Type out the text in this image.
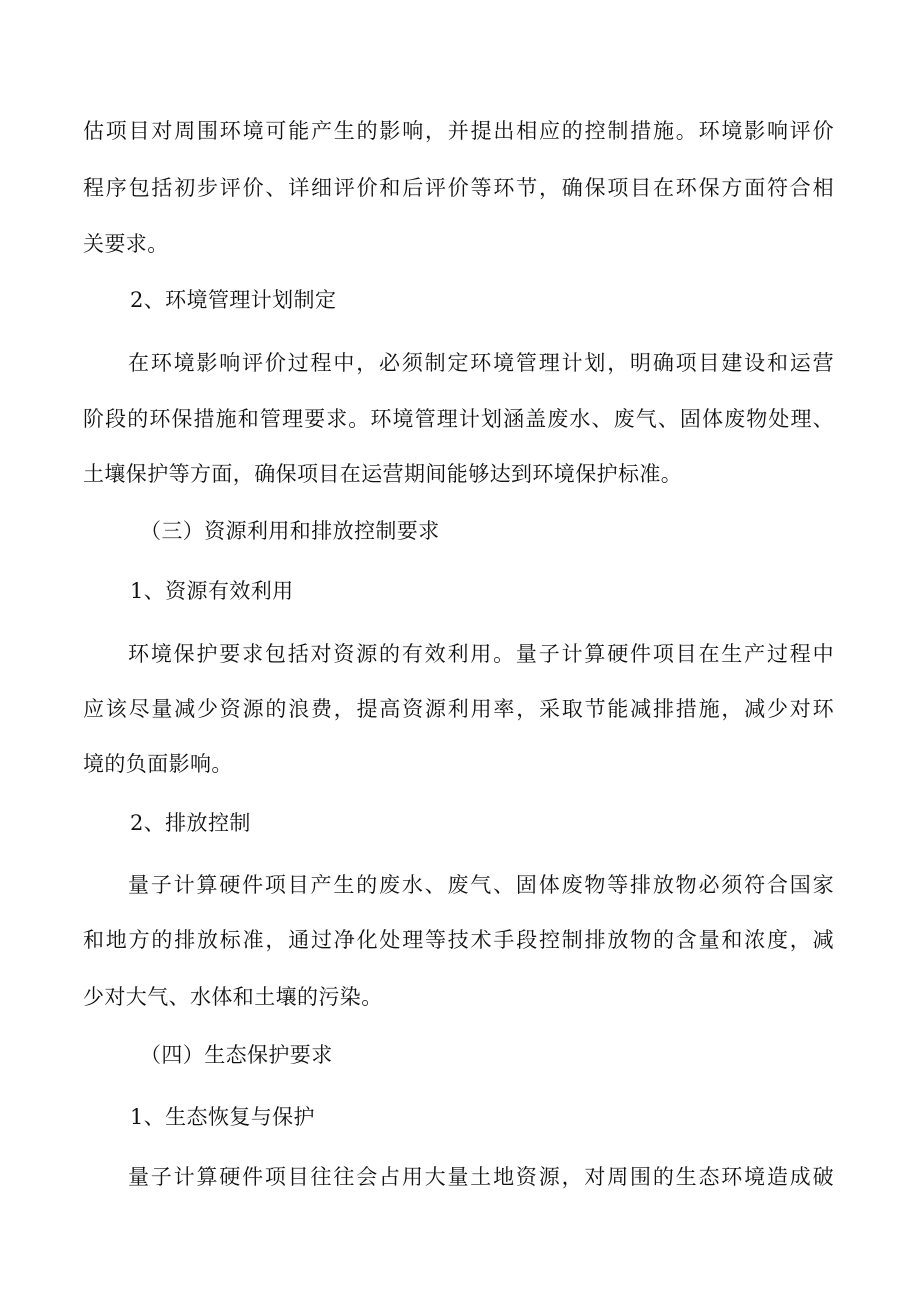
估项目对周围环境可能产生的影响，并提出相应的控制措施。环境影响评价
程序包括初步评价、详细评价和后评价等环节，确保项目在环保方面符合相
关要求。
2、环境管理计划制定
在环境影响评价过程中，必须制定环境管理计划，明确项目建设和运营
阶段的环保措施和管理要求。环境管理计划涵盖废水、废气、固体废物处理、
土壤保护等方面，确保项目在运营期间能够达到环境保护标准。
（三）资源利用和排放控制要求
1、资源有效利用
环境保护要求包括对资源的有效利用。量子计算硬件项目在生产过程中
应该尽量减少资源的浪费，提高资源利用率，采取节能减排措施，减少对环
境的负面影响。
2、排放控制
量子计算硬件项目产生的废水、废气、固体废物等排放物必须符合国家
和地方的排放标准，通过净化处理等技术手段控制排放物的含量和浓度，减
少对大气、水体和土壤的污染。
（四）生态保护要求
1、生态恢复与保护
量子计算硬件项目往往会占用大量土地资源，对周围的生态环境造成破
